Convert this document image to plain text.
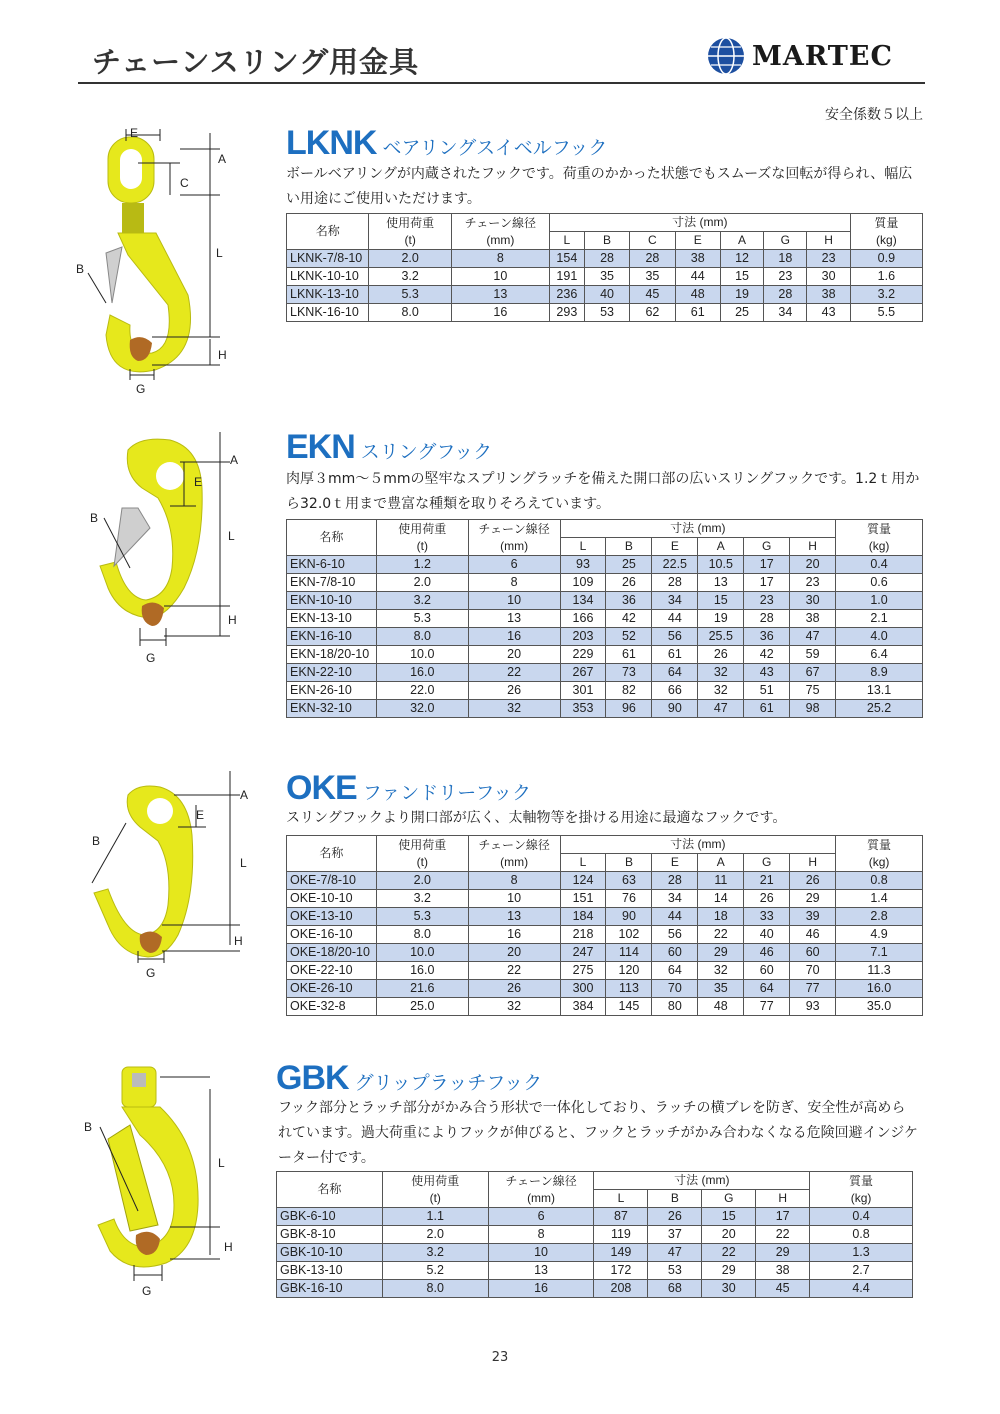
チェーンスリング用金具	MARTEC
安全係数５以上
LKNK ベアリングスイベルフック
ボールベアリングが内蔵されたフックです。荷重のかかった状態でもスムーズな回転が得られ、幅広い用途にご使用いただけます。
E
A
C
L
B
H
G
名称	使用荷重
(t)	チェーン線径
(mm)	寸法 (mm)							質量
(kg)
			L	B	C	E	A	G	H	
LKNK-7/8-10	2.0	8	154	28	28	38	12	18	23	0.9
LKNK-10-10	3.2	10	191	35	35	44	15	23	30	1.6
LKNK-13-10	5.3	13	236	40	45	48	19	28	38	3.2
LKNK-16-10	8.0	16	293	53	62	61	25	34	43	5.5
EKN スリングフック
肉厚３mm～５mmの堅牢なスプリングラッチを備えた開口部の広いスリングフックです。1.2ｔ用から32.0ｔ用まで豊富な種類を取りそろえています。
A
E
B
L
H
G
名称	使用荷重
(t)	チェーン線径
(mm)	寸法 (mm)						質量
(kg)
			L	B	E	A	G	H	
EKN-6-10	1.2	6	93	25	22.5	10.5	17	20	0.4
EKN-7/8-10	2.0	8	109	26	28	13	17	23	0.6
EKN-10-10	3.2	10	134	36	34	15	23	30	1.0
EKN-13-10	5.3	13	166	42	44	19	28	38	2.1
EKN-16-10	8.0	16	203	52	56	25.5	36	47	4.0
EKN-18/20-10	10.0	20	229	61	61	26	42	59	6.4
EKN-22-10	16.0	22	267	73	64	32	43	67	8.9
EKN-26-10	22.0	26	301	82	66	32	51	75	13.1
EKN-32-10	32.0	32	353	96	90	47	61	98	25.2
OKE ファンドリーフック
スリングフックより開口部が広く、太軸物等を掛ける用途に最適なフックです。
A
E
B
L
H
G
名称	使用荷重
(t)	チェーン線径
(mm)	寸法 (mm)						質量
(kg)
			L	B	E	A	G	H	
OKE-7/8-10	2.0	8	124	63	28	11	21	26	0.8
OKE-10-10	3.2	10	151	76	34	14	26	29	1.4
OKE-13-10	5.3	13	184	90	44	18	33	39	2.8
OKE-16-10	8.0	16	218	102	56	22	40	46	4.9
OKE-18/20-10	10.0	20	247	114	60	29	46	60	7.1
OKE-22-10	16.0	22	275	120	64	32	60	70	11.3
OKE-26-10	21.6	26	300	113	70	35	64	77	16.0
OKE-32-8	25.0	32	384	145	80	48	77	93	35.0
GBK グリップラッチフック
フック部分とラッチ部分がかみ合う形状で一体化しており、ラッチの横ブレを防ぎ、安全性が高められています。過大荷重によりフックが伸びると、フックとラッチがかみ合わなくなる危険回避インジケーター付です。
B
L
H
G
名称	使用荷重
(t)	チェーン線径
(mm)	寸法 (mm)				質量
(kg)
			L	B	G	H	
GBK-6-10	1.1	6	87	26	15	17	0.4
GBK-8-10	2.0	8	119	37	20	22	0.8
GBK-10-10	3.2	10	149	47	22	29	1.3
GBK-13-10	5.2	13	172	53	29	38	2.7
GBK-16-10	8.0	16	208	68	30	45	4.4
23
